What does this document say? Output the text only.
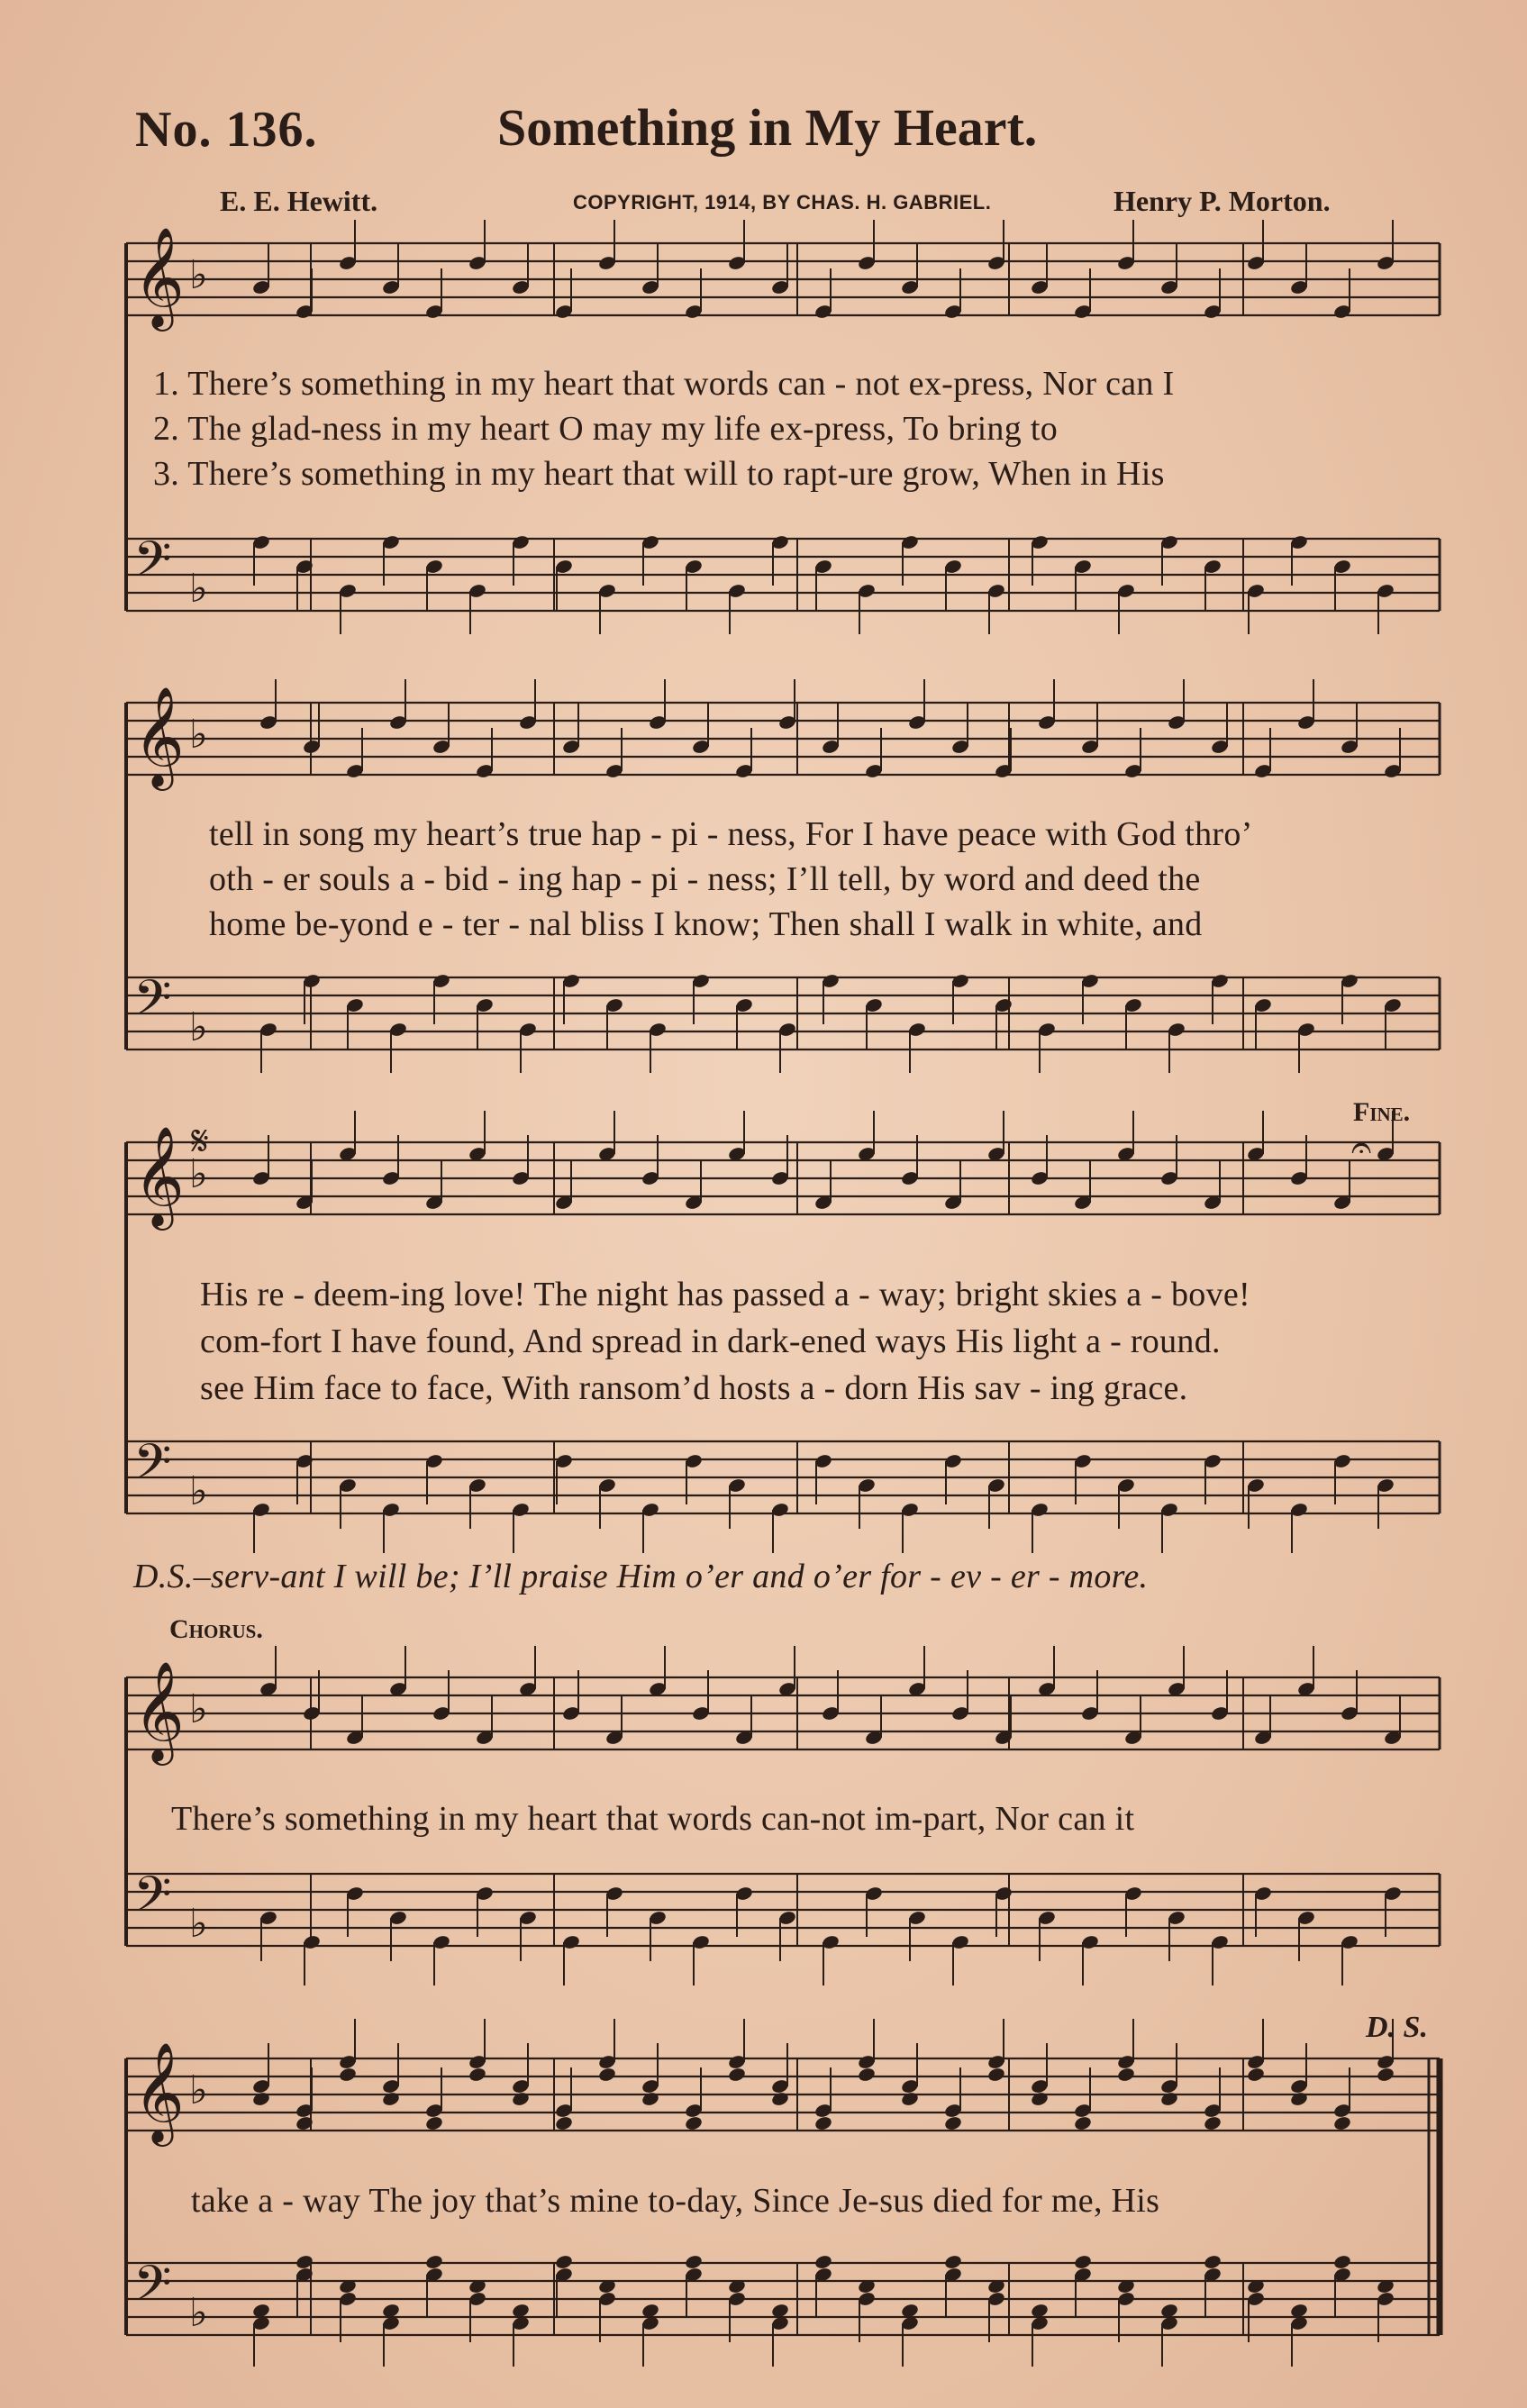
No. 136.	Something in My Heart.
E. E. Hewitt.	COPYRIGHT, 1914, BY CHAS. H. GABRIEL.	Henry P. Morton.
𝄞 ♭
𝄢 ♭
𝄞 ♭
𝄢 ♭
𝄞 ♭
𝄢 ♭
𝄞 ♭
𝄢 ♭
𝄞 ♭
𝄢 ♭
1. There’s something in my heart that words can - not ex-press, Nor can I
2. The glad-ness in my heart O may my life ex-press, To bring to
3. There’s something in my heart that will to rapt-ure grow, When in His
tell in song my heart’s true hap - pi - ness, For I have peace with God thro’
oth - er souls a - bid - ing hap - pi - ness; I’ll tell, by word and deed the
home be-yond e - ter - nal bliss I know; Then shall I walk in white, and
𝄋
Fine.
𝄐
His re - deem-ing love! The night has passed a - way; bright skies a - bove!
com-fort I have found, And spread in dark-ened ways His light a - round.
see Him face to face, With ransom’d hosts a - dorn His sav - ing grace.
D.S.–serv-ant I will be; I’ll praise Him o’er and o’er for - ev - er - more.
Chorus.
There’s something in my heart that words can-not im-part, Nor can it
D. S.
take a - way The joy that’s mine to-day, Since Je-sus died for me, His
